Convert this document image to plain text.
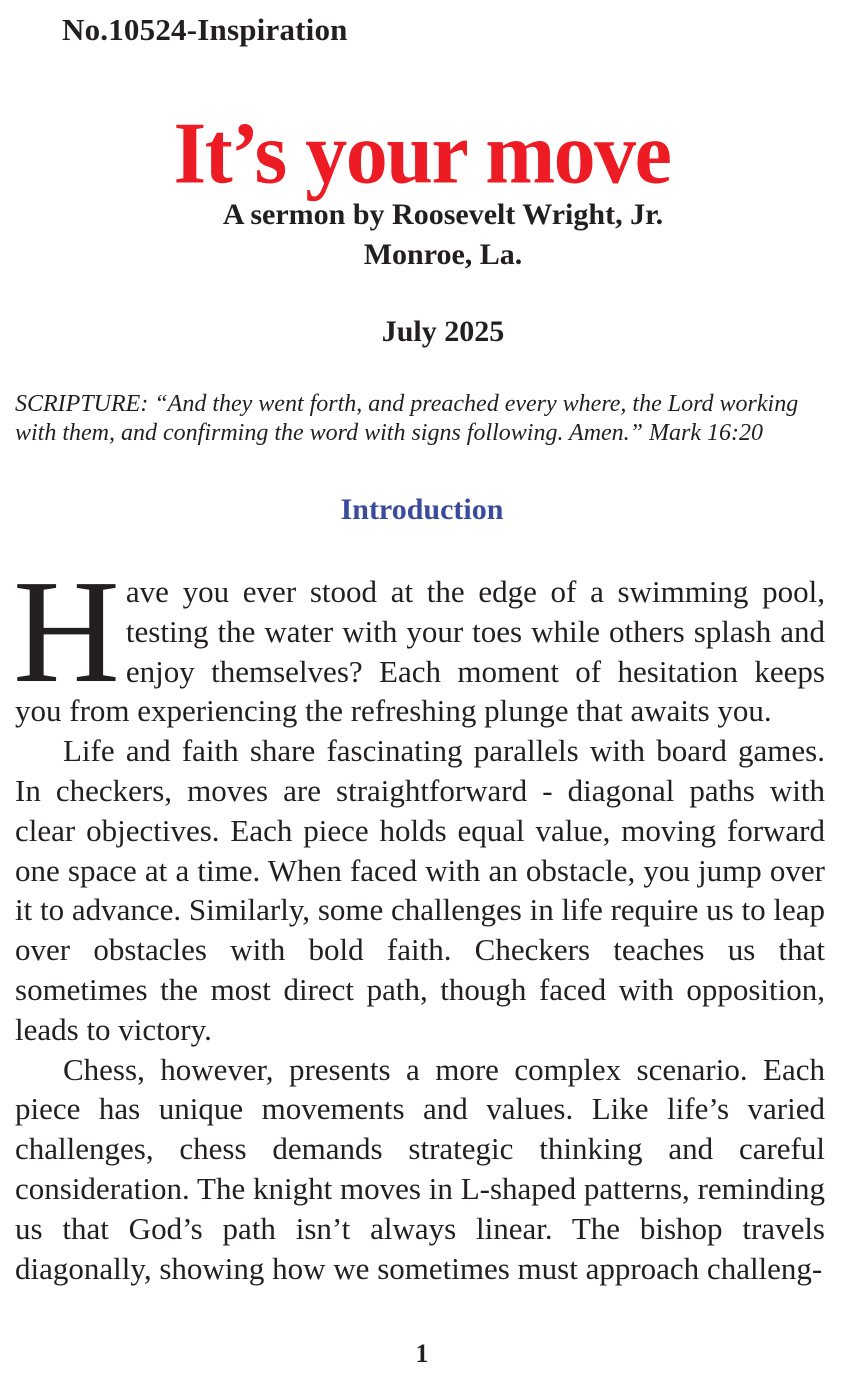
No.10524-Inspiration
It’s your move
A sermon by Roosevelt Wright, Jr.
Monroe, La.
July 2025
SCRIPTURE: “And they went forth, and preached every where, the Lord working with them, and confirming the word with signs following. Amen.” Mark 16:20
Introduction

Have you ever stood at the edge of a swimming pool, testing the water with your toes while others splash and enjoy themselves? Each moment of hesitation keeps you from experiencing the refreshing plunge that awaits you.

Life and faith share fascinating parallels with board games. In checkers, moves are straightforward - diagonal paths with clear objectives. Each piece holds equal value, moving forward one space at a time. When faced with an obstacle, you jump over it to advance. Similarly, some challenges in life require us to leap over obstacles with bold faith. Checkers teaches us that sometimes the most direct path, though faced with opposition, leads to victory.

Chess, however, presents a more complex scenario. Each piece has unique movements and values. Like life’s varied challenges, chess demands strategic thinking and careful consideration. The knight moves in L-shaped patterns, reminding us that God’s path isn’t always linear. The bishop travels diagonally, showing how we sometimes must approach challeng-

1
